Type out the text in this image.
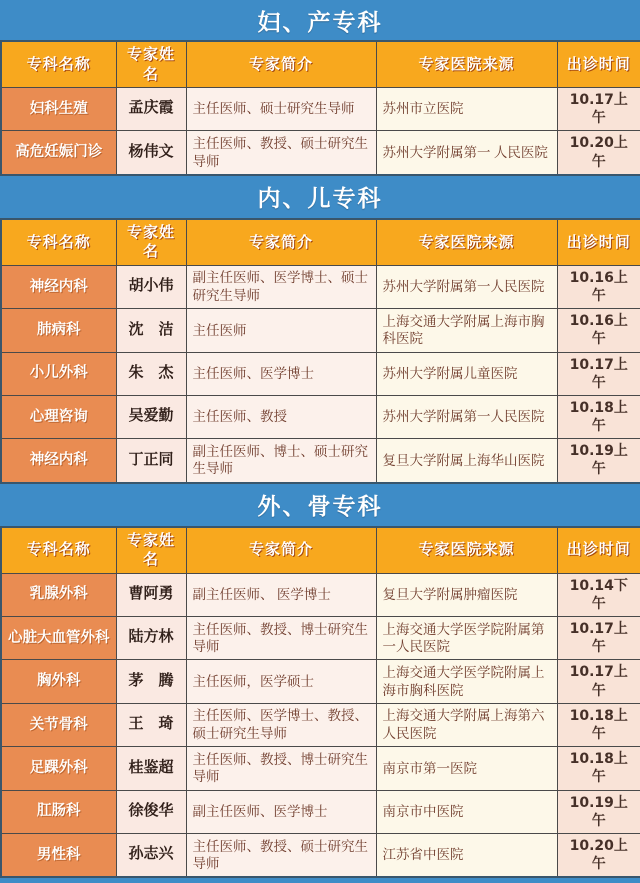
妇、产专科
专科名称	专家姓名	专家简介	专家医院来源	出诊时间
妇科生殖	孟庆霞	主任医师、硕士研究生导师	苏州市立医院	10.17上午
高危妊娠门诊	杨伟文	主任医师、教授、硕士研究生导师	苏州大学附属第一 人民医院	10.20上午
内、儿专科
专科名称	专家姓名	专家简介	专家医院来源	出诊时间
神经内科	胡小伟	副主任医师、医学博士、硕士研究生导师	苏州大学附属第一人民医院	10.16上午
肺病科	沈　洁	主任医师	上海交通大学附属上海市胸科医院	10.16上午
小儿外科	朱　杰	主任医师、医学博士	苏州大学附属儿童医院	10.17上午
心理咨询	吴爱勤	主任医师、教授	苏州大学附属第一人民医院	10.18上午
神经内科	丁正同	副主任医师、博士、硕士研究生导师	复旦大学附属上海华山医院	10.19上午
外、骨专科
专科名称	专家姓名	专家简介	专家医院来源	出诊时间
乳腺外科	曹阿勇	副主任医师、 医学博士	复旦大学附属肿瘤医院	10.14下午
心脏大血管外科	陆方林	主任医师、教授、博士研究生导师	上海交通大学医学院附属第一人民医院	10.17上午
胸外科	茅　腾	主任医师，医学硕士	上海交通大学医学院附属上海市胸科医院	10.17上午
关节骨科	王　琦	主任医师、医学博士、教授、硕士研究生导师	上海交通大学附属上海第六人民医院	10.18上午
足踝外科	桂鉴超	主任医师、教授、博士研究生导师	南京市第一医院	10.18上午
肛肠科	徐俊华	副主任医师、医学博士	南京市中医院	10.19上午
男性科	孙志兴	主任医师、教授、硕士研究生导师	江苏省中医院	10.20上午
